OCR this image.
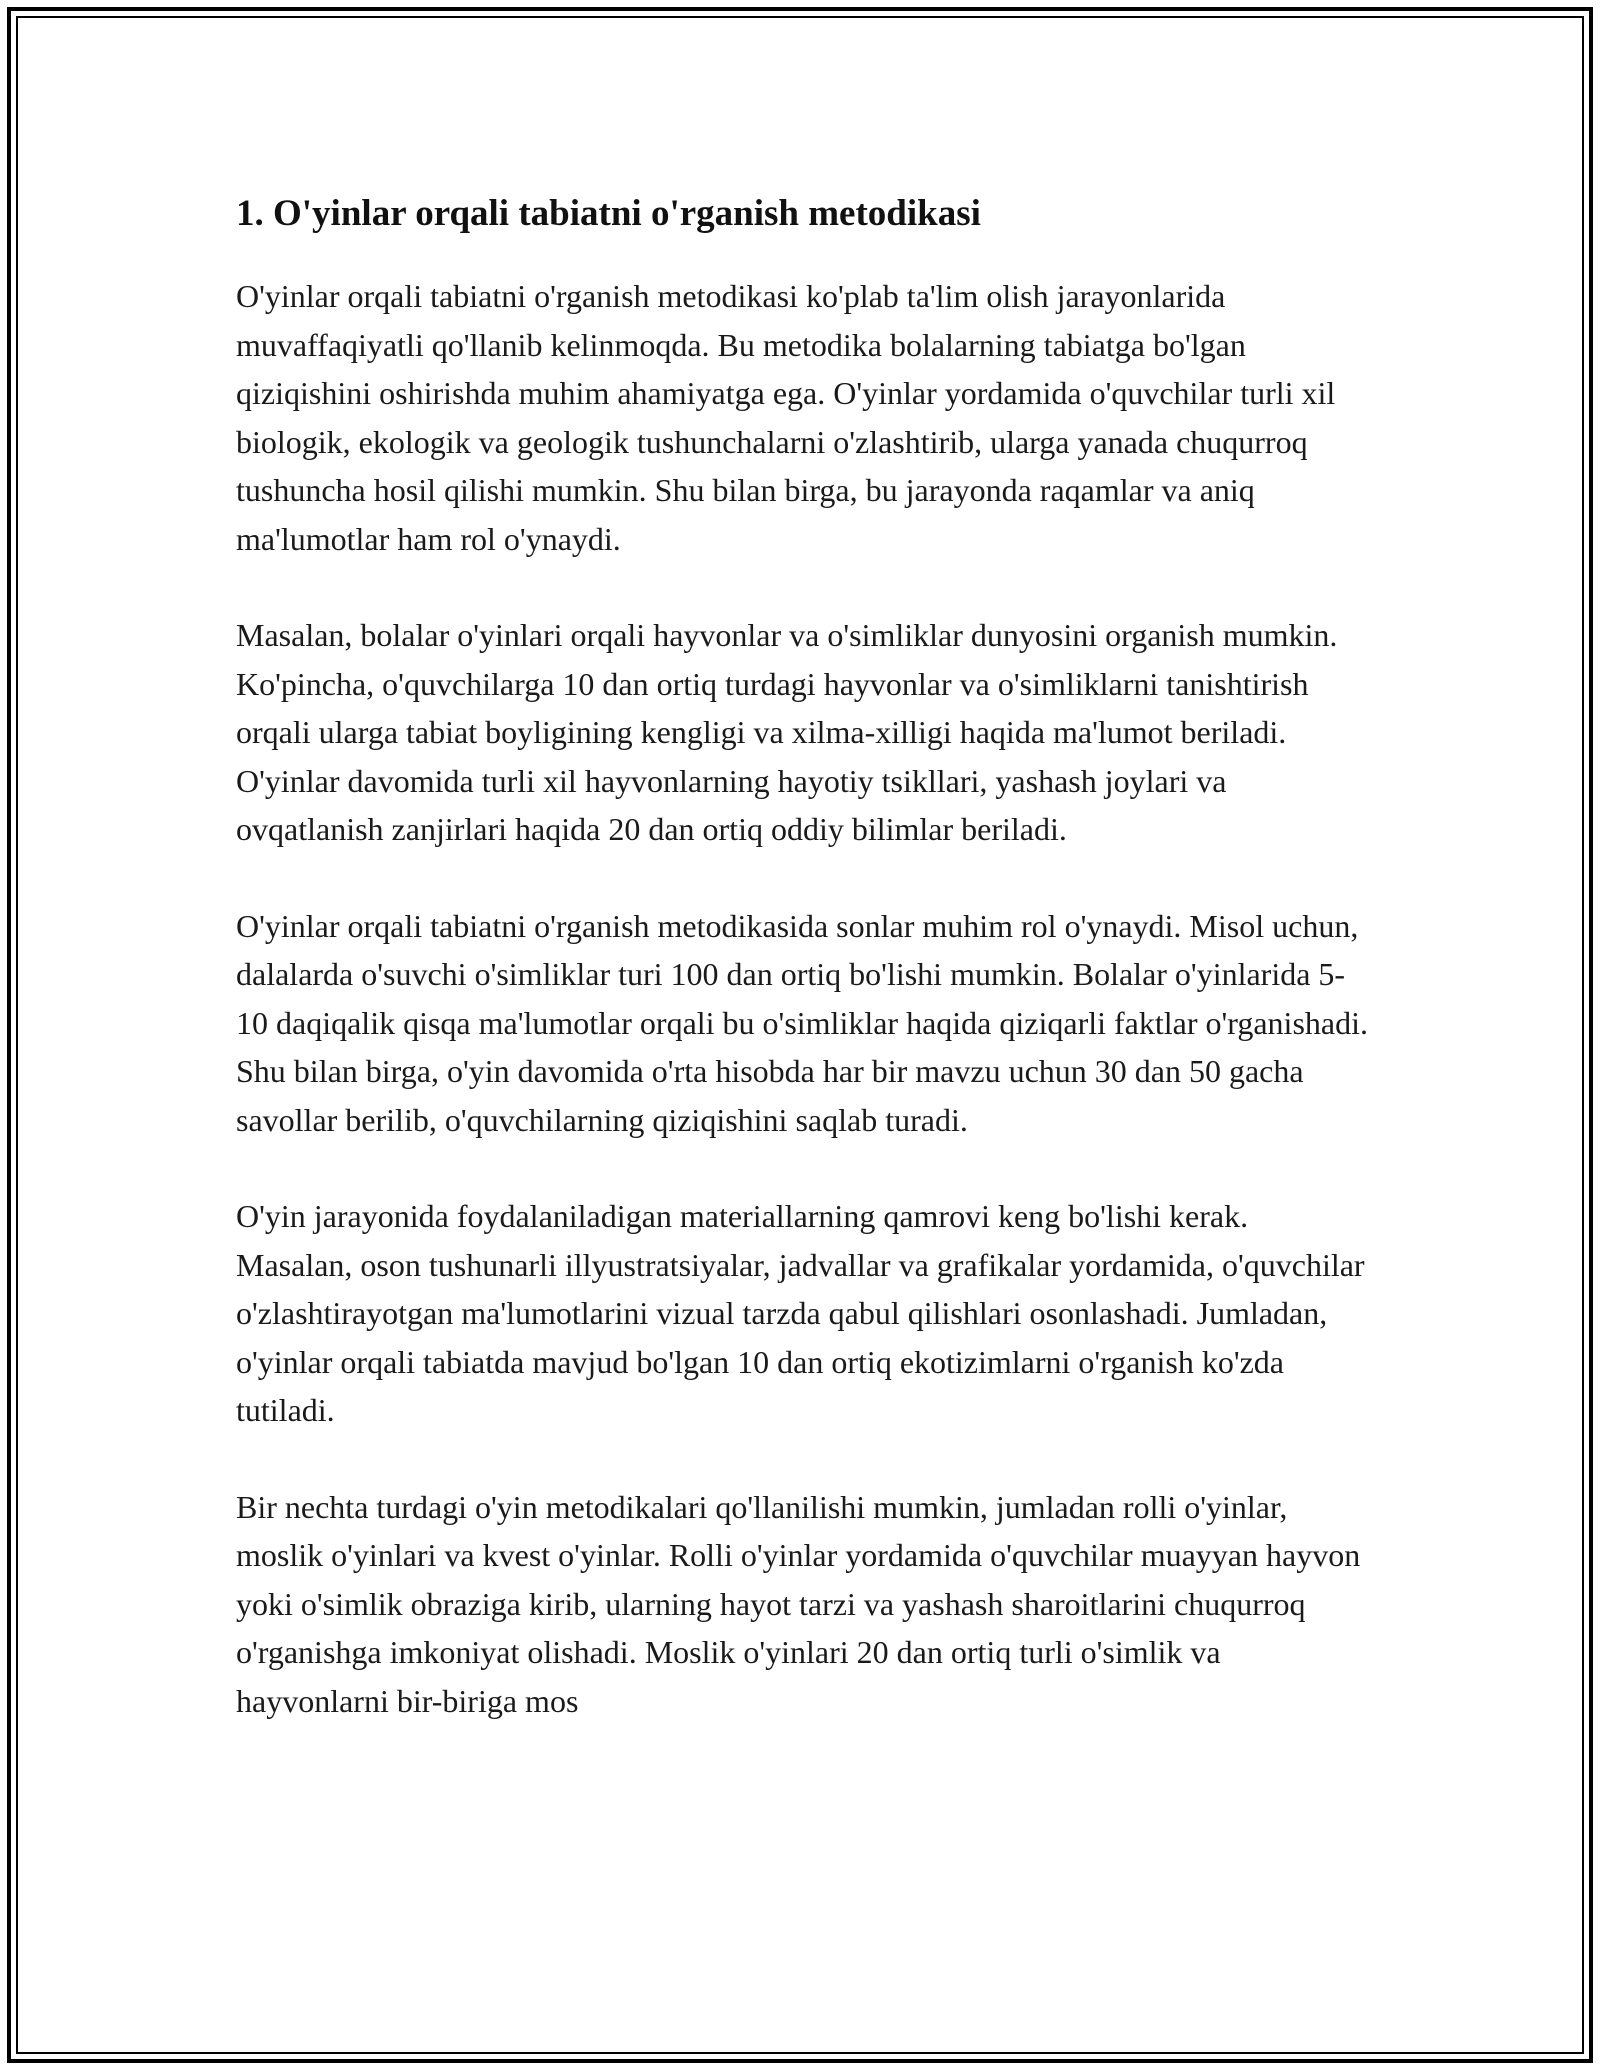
1. O'yinlar orqali tabiatni o'rganish metodikasi

O'yinlar orqali tabiatni o'rganish metodikasi ko'plab ta'lim olish jarayonlarida muvaffaqiyatli qo'llanib kelinmoqda. Bu metodika bolalarning tabiatga bo'lgan qiziqishini oshirishda muhim ahamiyatga ega. O'yinlar yordamida o'quvchilar turli xil biologik, ekologik va geologik tushunchalarni o'zlashtirib, ularga yanada chuqurroq tushuncha hosil qilishi mumkin. Shu bilan birga, bu jarayonda raqamlar va aniq ma'lumotlar ham rol o'ynaydi.

Masalan, bolalar o'yinlari orqali hayvonlar va o'simliklar dunyosini organish mumkin. Ko'pincha, o'quvchilarga 10 dan ortiq turdagi hayvonlar va o'simliklarni tanishtirish orqali ularga tabiat boyligining kengligi va xilma-xilligi haqida ma'lumot beriladi. O'yinlar davomida turli xil hayvonlarning hayotiy tsikllari, yashash joylari va ovqatlanish zanjirlari haqida 20 dan ortiq oddiy bilimlar beriladi.

O'yinlar orqali tabiatni o'rganish metodikasida sonlar muhim rol o'ynaydi. Misol uchun, dalalarda o'suvchi o'simliklar turi 100 dan ortiq bo'lishi mumkin. Bolalar o'yinlarida 5-10 daqiqalik qisqa ma'lumotlar orqali bu o'simliklar haqida qiziqarli faktlar o'rganishadi. Shu bilan birga, o'yin davomida o'rta hisobda har bir mavzu uchun 30 dan 50 gacha savollar berilib, o'quvchilarning qiziqishini saqlab turadi.

O'yin jarayonida foydalaniladigan materiallarning qamrovi keng bo'lishi kerak. Masalan, oson tushunarli illyustratsiyalar, jadvallar va grafikalar yordamida, o'quvchilar o'zlashtirayotgan ma'lumotlarini vizual tarzda qabul qilishlari osonlashadi. Jumladan, o'yinlar orqali tabiatda mavjud bo'lgan 10 dan ortiq ekotizimlarni o'rganish ko'zda tutiladi.

Bir nechta turdagi o'yin metodikalari qo'llanilishi mumkin, jumladan rolli o'yinlar, moslik o'yinlari va kvest o'yinlar. Rolli o'yinlar yordamida o'quvchilar muayyan hayvon yoki o'simlik obraziga kirib, ularning hayot tarzi va yashash sharoitlarini chuqurroq o'rganishga imkoniyat olishadi. Moslik o'yinlari 20 dan ortiq turli o'simlik va hayvonlarni bir-biriga mos
